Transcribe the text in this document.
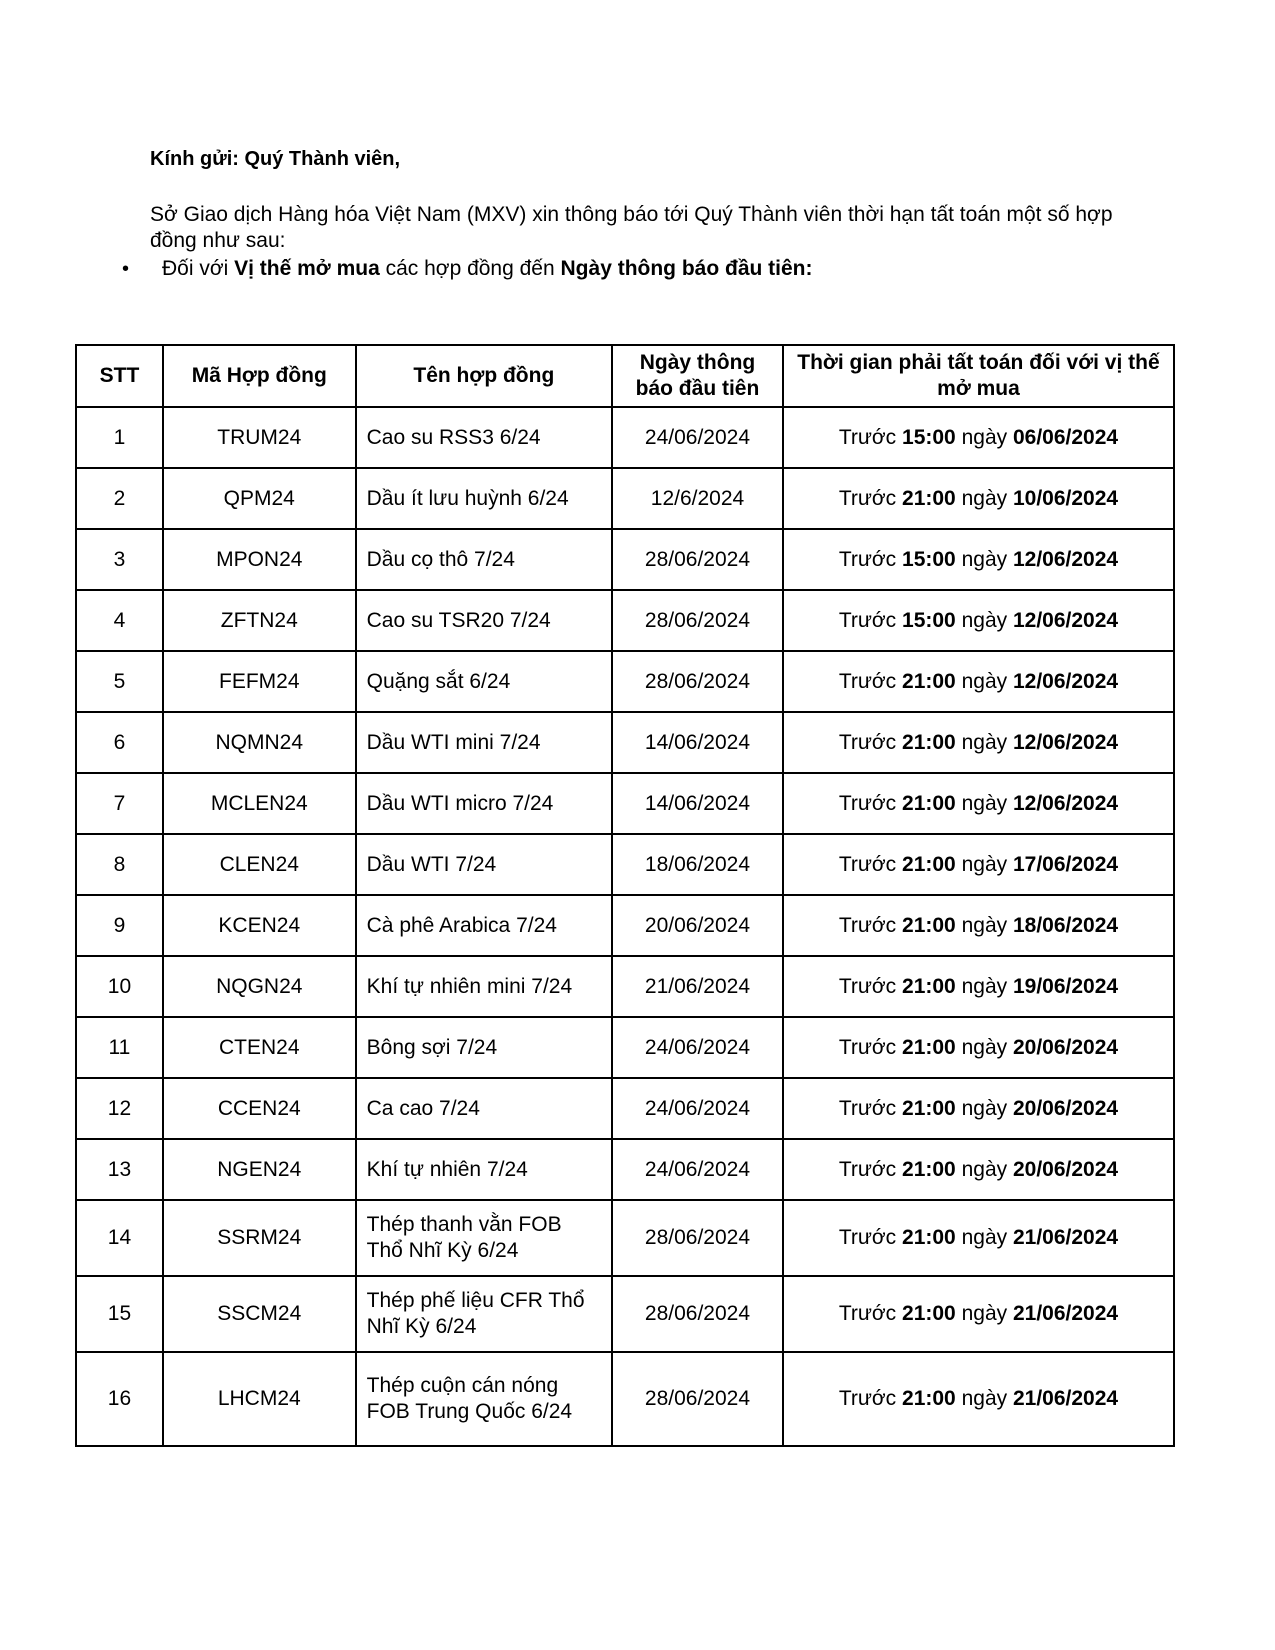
Kính gửi: Quý Thành viên,
Sở Giao dịch Hàng hóa Việt Nam (MXV) xin thông báo tới Quý Thành viên thời hạn tất toán một số hợp đồng như sau:
• Đối với Vị thế mở mua các hợp đồng đến Ngày thông báo đầu tiên:
STT	Mã Hợp đồng	Tên hợp đồng	Ngày thông báo đầu tiên	Thời gian phải tất toán đối với vị thế mở mua
1	TRUM24	Cao su RSS3 6/24	24/06/2024	Trước 15:00 ngày 06/06/2024
2	QPM24	Dầu ít lưu huỳnh 6/24	12/6/2024	Trước 21:00 ngày 10/06/2024
3	MPON24	Dầu cọ thô 7/24	28/06/2024	Trước 15:00 ngày 12/06/2024
4	ZFTN24	Cao su TSR20 7/24	28/06/2024	Trước 15:00 ngày 12/06/2024
5	FEFM24	Quặng sắt 6/24	28/06/2024	Trước 21:00 ngày 12/06/2024
6	NQMN24	Dầu WTI mini 7/24	14/06/2024	Trước 21:00 ngày 12/06/2024
7	MCLEN24	Dầu WTI micro 7/24	14/06/2024	Trước 21:00 ngày 12/06/2024
8	CLEN24	Dầu WTI 7/24	18/06/2024	Trước 21:00 ngày 17/06/2024
9	KCEN24	Cà phê Arabica 7/24	20/06/2024	Trước 21:00 ngày 18/06/2024
10	NQGN24	Khí tự nhiên mini 7/24	21/06/2024	Trước 21:00 ngày 19/06/2024
11	CTEN24	Bông sợi 7/24	24/06/2024	Trước 21:00 ngày 20/06/2024
12	CCEN24	Ca cao 7/24	24/06/2024	Trước 21:00 ngày 20/06/2024
13	NGEN24	Khí tự nhiên 7/24	24/06/2024	Trước 21:00 ngày 20/06/2024
14	SSRM24	Thép thanh vằn FOB Thổ Nhĩ Kỳ 6/24	28/06/2024	Trước 21:00 ngày 21/06/2024
15	SSCM24	Thép phế liệu CFR Thổ Nhĩ Kỳ 6/24	28/06/2024	Trước 21:00 ngày 21/06/2024
16	LHCM24	Thép cuộn cán nóng FOB Trung Quốc 6/24	28/06/2024	Trước 21:00 ngày 21/06/2024
